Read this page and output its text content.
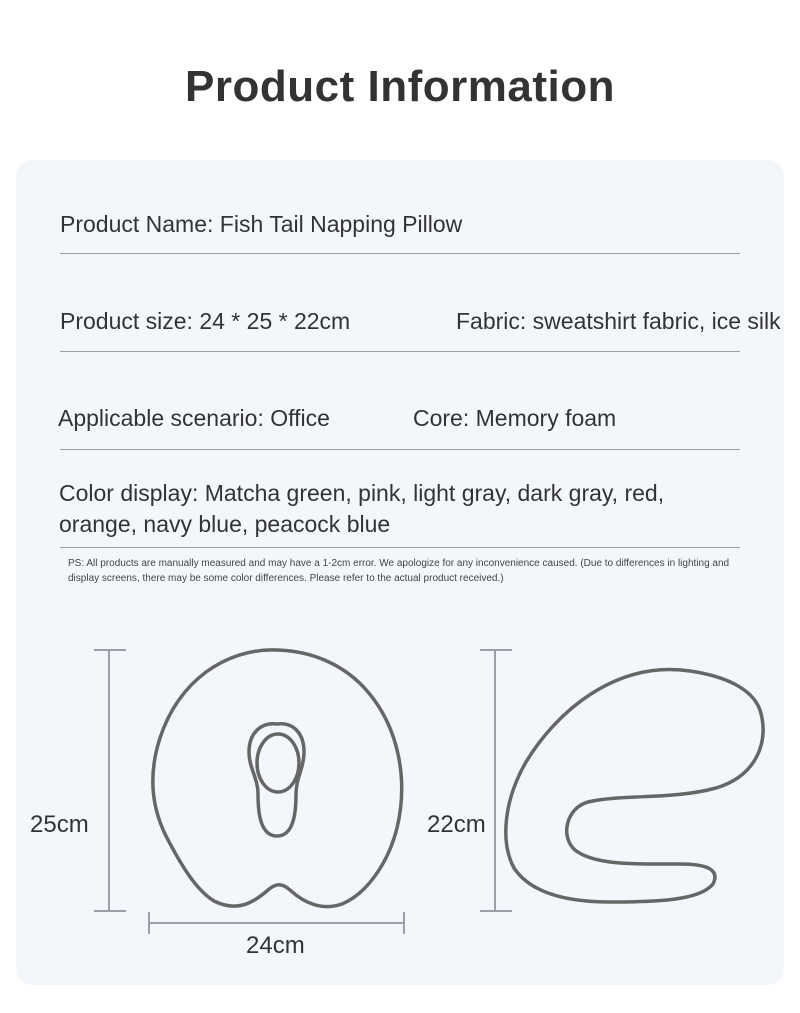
Product Information
Product Name: Fish Tail Napping Pillow
Product size: 24 * 25 * 22cm	Fabric: sweatshirt fabric, ice silk
Applicable scenario: Office	Core: Memory foam
Color display: Matcha green, pink, light gray, dark gray, red, orange, navy blue, peacock blue
PS: All products are manually measured and may have a 1-2cm error. We apologize for any inconvenience caused. (Due to differences in lighting and display screens, there may be some color differences. Please refer to the actual product received.)
25cm
24cm
22cm
